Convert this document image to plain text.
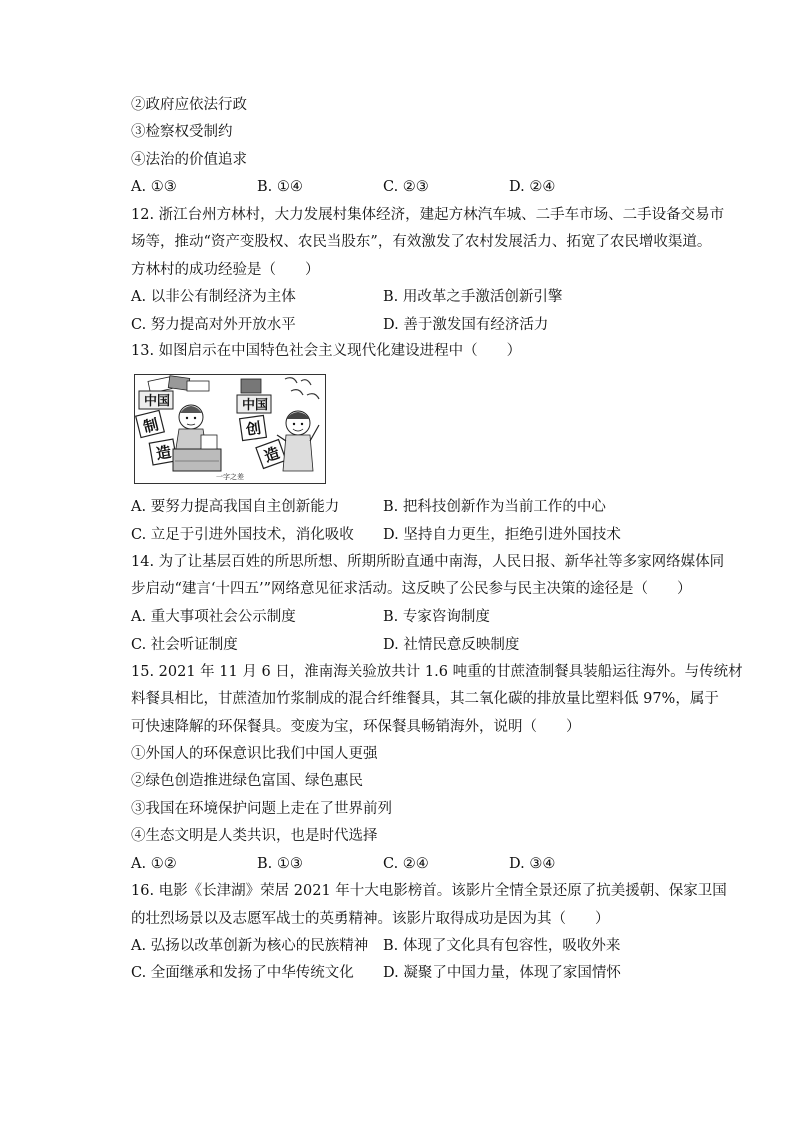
②政府应依法行政
③检察权受制约
④法治的价值追求
A. ①③	B. ①④	C. ②③	D. ②④
12. 浙江台州方林村，大力发展村集体经济，建起方林汽车城、二手车市场、二手设备交易市
场等，推动“资产变股权、农民当股东”，有效激发了农村发展活力、拓宽了农民增收渠道。
方林村的成功经验是（　　）
A. 以非公有制经济为主体	B. 用改革之手激活创新引擎
C. 努力提高对外开放水平	D. 善于激发国有经济活力
13. 如图启示在中国特色社会主义现代化建设进程中（　　）
中国
制
造
中国
创
造
一字之差
A. 要努力提高我国自主创新能力	B. 把科技创新作为当前工作的中心
C. 立足于引进外国技术，消化吸收 D. 坚持自力更生，拒绝引进外国技术
14. 为了让基层百姓的所思所想、所期所盼直通中南海，人民日报、新华社等多家网络媒体同
步启动“建言‘十四五’”网络意见征求活动。这反映了公民参与民主决策的途径是（　　）
A. 重大事项社会公示制度	B. 专家咨询制度
C. 社会听证制度	D. 社情民意反映制度
15. 2021 年 11 月 6 日，淮南海关验放共计 1.6 吨重的甘蔗渣制餐具装船运往海外。与传统材
料餐具相比，甘蔗渣加竹浆制成的混合纤维餐具，其二氧化碳的排放量比塑料低 97%，属于
可快速降解的环保餐具。变废为宝，环保餐具畅销海外，说明（　　）
①外国人的环保意识比我们中国人更强
②绿色创造推进绿色富国、绿色惠民
③我国在环境保护问题上走在了世界前列
④生态文明是人类共识，也是时代选择
A. ①②	B. ①③	C. ②④	D. ③④
16. 电影《长津湖》荣居 2021 年十大电影榜首。该影片全情全景还原了抗美援朝、保家卫国
的壮烈场景以及志愿军战士的英勇精神。该影片取得成功是因为其（　　）
A. 弘扬以改革创新为核心的民族精神 B. 体现了文化具有包容性，吸收外来
C. 全面继承和发扬了中华传统文化 D. 凝聚了中国力量，体现了家国情怀
